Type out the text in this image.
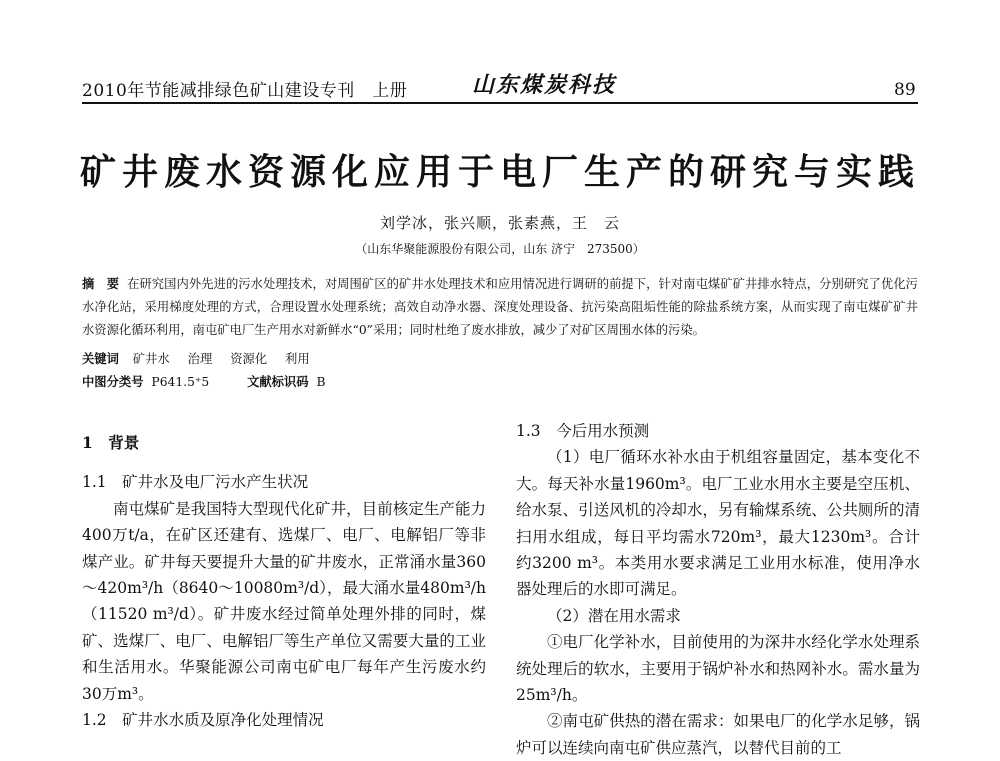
2010年节能减排绿色矿山建设专刊　上册	山东煤炭科技	89
矿井废水资源化应用于电厂生产的研究与实践
刘学冰，张兴顺，张素燕，王　云
（山东华聚能源股份有限公司，山东 济宁　273500）
摘　要 在研究国内外先进的污水处理技术，对周围矿区的矿井水处理技术和应用情况进行调研的前提下，针对南屯煤矿矿井排水特点，分别研究了优化污水净化站，采用梯度处理的方式，合理设置水处理系统；高效自动净水器、深度处理设备、抗污染高阻垢性能的除盐系统方案，从而实现了南屯煤矿矿井水资源化循环利用，南屯矿电厂生产用水对新鲜水“0”采用；同时杜绝了废水排放，减少了对矿区周围水体的污染。
关键词 矿井水 治理 资源化 利用
中图分类号 P641.5⁺5	文献标识码 B

1　背景

1.1　矿井水及电厂污水产生状况

南屯煤矿是我国特大型现代化矿井，目前核定生产能力400万t/a，在矿区还建有、选煤厂、电厂、电解铝厂等非煤产业。矿井每天要提升大量的矿井废水，正常涌水量360～420m³/h（8640～10080m³/d），最大涌水量480m³/h（11520 m³/d）。矿井废水经过简单处理外排的同时，煤矿、选煤厂、电厂、电解铝厂等生产单位又需要大量的工业和生活用水。华聚能源公司南屯矿电厂每年产生污废水约30万m³。

1.2　矿井水水质及原净化处理情况

1.3　今后用水预测

（1）电厂循环水补水由于机组容量固定，基本变化不大。每天补水量1960m³。电厂工业水用水主要是空压机、给水泵、引送风机的冷却水，另有输煤系统、公共厕所的清扫用水组成，每日平均需水720m³，最大1230m³。合计约3200 m³。本类用水要求满足工业用水标准，使用净水器处理后的水即可满足。

（2）潜在用水需求

①电厂化学补水，目前使用的为深井水经化学水处理系统处理后的软水，主要用于锅炉补水和热网补水。需水量为25m³/h。

②南屯矿供热的潜在需求：如果电厂的化学水足够，锅炉可以连续向南屯矿供应蒸汽，以替代目前的工
